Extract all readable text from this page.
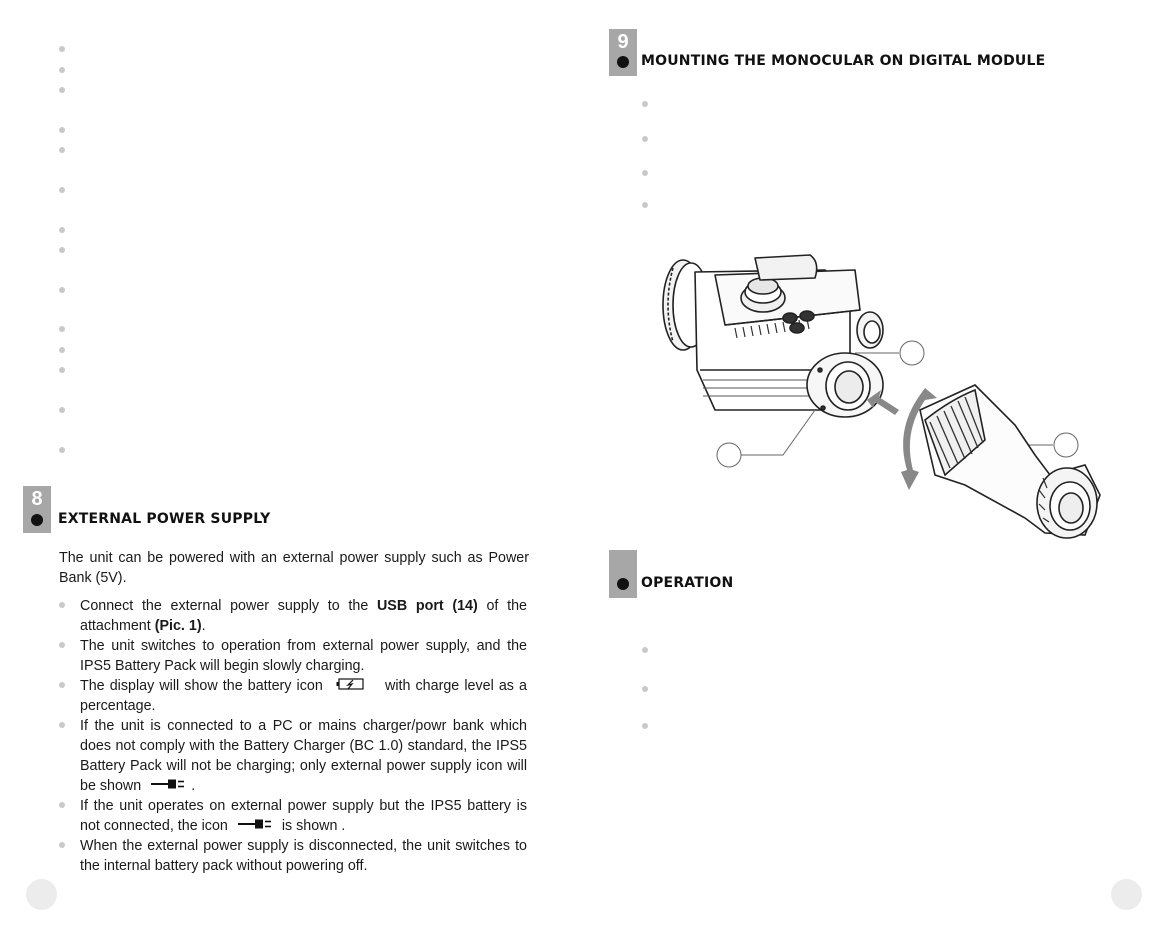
8
EXTERNAL POWER SUPPLY
The unit can be powered with an external power supply such as Power Bank (5V).
Connect the external power supply to the USB port (14) of the attachment (Pic. 1).
The unit switches to operation from external power supply, and the IPS5 Battery Pack will begin slowly charging.
The display will show the battery icon	with charge level as a percentage.
If the unit is connected to a PC or mains charger/powr bank which does not comply with the Battery Charger (BC 1.0) standard, the IPS5 Battery Pack will not be charging; only external power supply icon will be shown	.
If the unit operates on external power supply but the IPS5 battery is not connected, the icon	is shown .
When the external power supply is disconnected, the unit switches to the internal battery pack without powering off.
9
MOUNTING THE MONOCULAR ON DIGITAL MODULE
OPERATION
